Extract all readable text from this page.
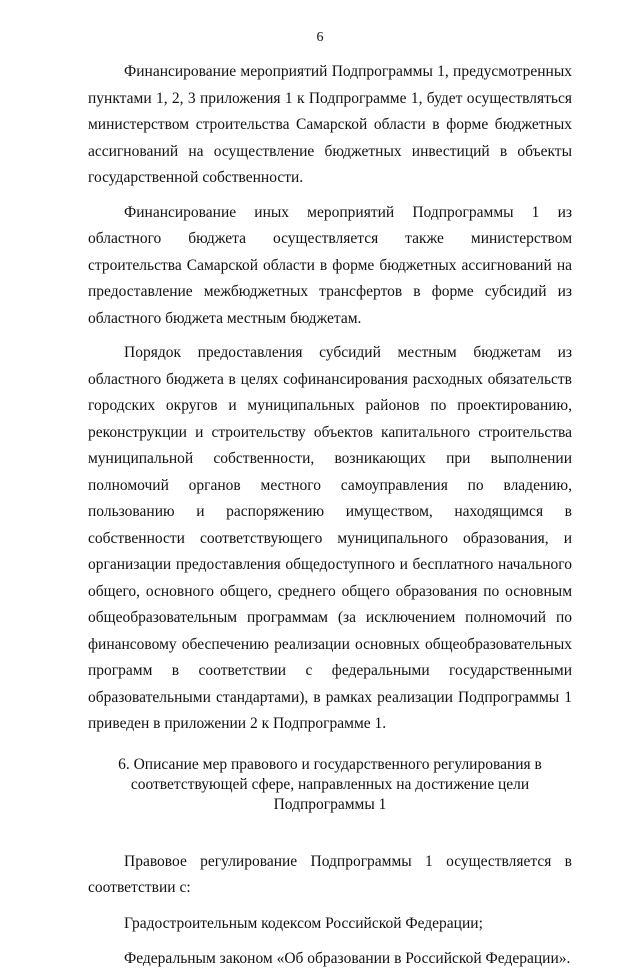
6

Финансирование мероприятий Подпрограммы 1, предусмотренных пунктами 1, 2, 3 приложения 1 к Подпрограмме 1, будет осуществляться министерством строительства Самарской области в форме бюджетных ассигнований на осуществление бюджетных инвестиций в объекты государственной собственности.

Финансирование иных мероприятий Подпрограммы 1 из областного бюджета осуществляется также министерством строительства Самарской области в форме бюджетных ассигнований на предоставление межбюджетных трансфертов в форме субсидий из областного бюджета местным бюджетам.

Порядок предоставления субсидий местным бюджетам из областного бюджета в целях софинансирования расходных обязательств городских округов и муниципальных районов по проектированию, реконструкции и строительству объектов капитального строительства муниципальной собственности, возникающих при выполнении полномочий органов местного самоуправления по владению, пользованию и распоряжению имуществом, находящимся в собственности соответствующего муниципального образования, и организации предоставления общедоступного и бесплатного начального общего, основного общего, среднего общего образования по основным общеобразовательным программам (за исключением полномочий по финансовому обеспечению реализации основных общеобразовательных программ в соответствии с федеральными государственными образовательными стандартами), в рамках реализации Подпрограммы 1 приведен в приложении 2 к Подпрограмме 1.

6. Описание мер правового и государственного регулирования в
соответствующей сфере, направленных на достижение цели
Подпрограммы 1

Правовое регулирование Подпрограммы 1 осуществляется в соответствии с:

Градостроительным кодексом Российской Федерации;

Федеральным законом «Об образовании в Российской Федерации».
